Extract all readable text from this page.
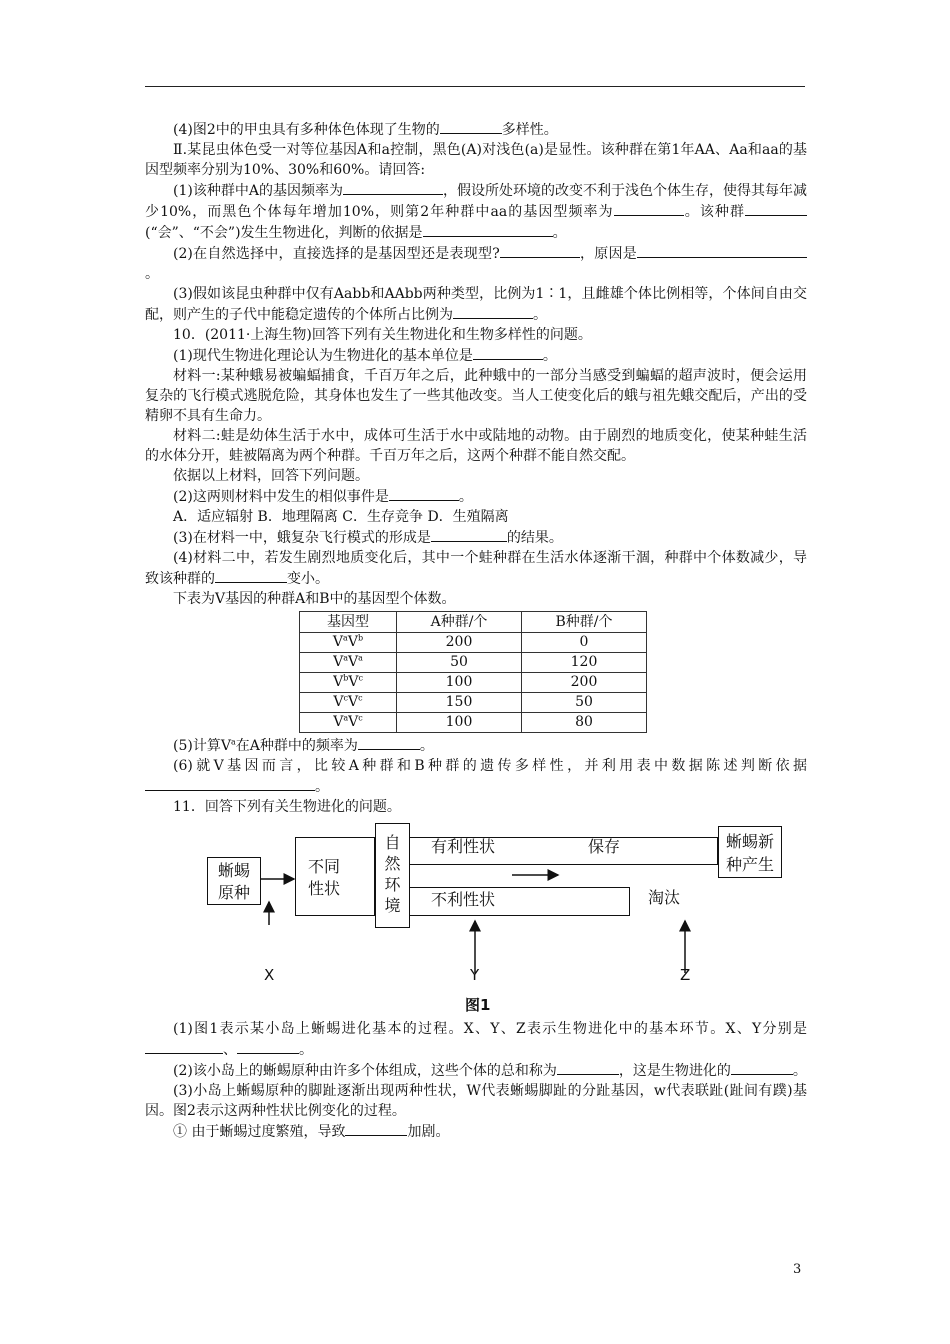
(4)图2中的甲虫具有多种体色体现了生物的	多样性。

Ⅱ.某昆虫体色受一对等位基因A和a控制，黑色(A)对浅色(a)是显性。该种群在第1年AA、Aa和aa的基因型频率分别为10%、30%和60%。请回答:

(1)该种群中A的基因频率为	，假设所处环境的改变不利于浅色个体生存，使得其每年减少10%，而黑色个体每年增加10%，则第2年种群中aa的基因型频率为	。该种群(“会”、“不会”)发生生物进化，判断的依据是	。

(2)在自然选择中，直接选择的是基因型还是表现型?	，原因是。

(3)假如该昆虫种群中仅有Aabb和AAbb两种类型，比例为1∶1，且雌雄个体比例相等，个体间自由交配，则产生的子代中能稳定遗传的个体所占比例为	。

10．(2011·上海生物)回答下列有关生物进化和生物多样性的问题。

(1)现代生物进化理论认为生物进化的基本单位是	。

材料一:某种蛾易被蝙蝠捕食，千百万年之后，此种蛾中的一部分当感受到蝙蝠的超声波时，便会运用复杂的飞行模式逃脱危险，其身体也发生了一些其他改变。当人工使变化后的蛾与祖先蛾交配后，产出的受精卵不具有生命力。

材料二:蛙是幼体生活于水中，成体可生活于水中或陆地的动物。由于剧烈的地质变化，使某种蛙生活的水体分开，蛙被隔离为两个种群。千百万年之后，这两个种群不能自然交配。

依据以上材料，回答下列问题。

(2)这两则材料中发生的相似事件是	。

A．适应辐射 B．地理隔离 C．生存竞争 D．生殖隔离

(3)在材料一中，蛾复杂飞行模式的形成是	的结果。

(4)材料二中，若发生剧烈地质变化后，其中一个蛙种群在生活水体逐渐干涸，种群中个体数减少，导致该种群的	变小。

下表为V基因的种群A和B中的基因型个体数。

基因型	A种群/个	B种群/个
$V^aV^b$	200	0
$V^aV^a$	50	120
$V^bV^c$	100	200
$V^cV^c$	150	50
$V^aV^c$	100	80

(5)计算$V^a$在A种群中的频率为	。

(6)就V基因而言，比较A种群和B种群的遗传多样性，并利用表中数据陈述判断依据。

11．回答下列有关生物进化的问题。

蜥蜴
原种
不同
性状
自
然
环
境
有利性状	保存
不利性状	淘汰
蜥蜴新
种产生
X	Y	Z
图1

(1)图1表示某小岛上蜥蜴进化基本的过程。X、Y、Z表示生物进化中的基本环节。X、Y分别是、	。

(2)该小岛上的蜥蜴原种由许多个体组成，这些个体的总和称为	，这是生物进化的	。

(3)小岛上蜥蜴原种的脚趾逐渐出现两种性状，W代表蜥蜴脚趾的分趾基因，w代表联趾(趾间有蹼)基因。图2表示这两种性状比例变化的过程。

① 由于蜥蜴过度繁殖，导致	加剧。

3
